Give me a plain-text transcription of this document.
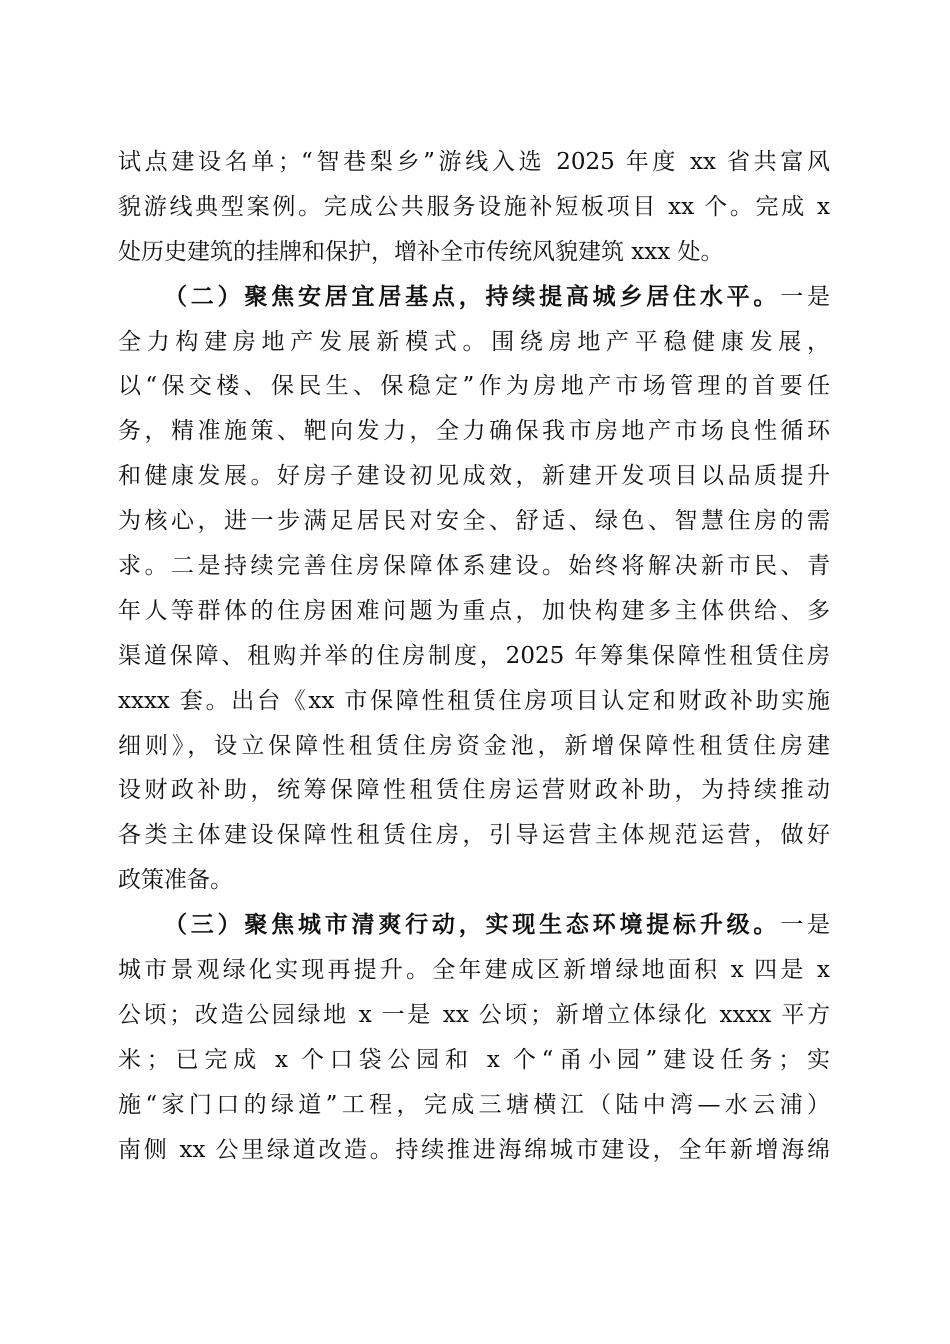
试点建设名单；“智巷梨乡”游线入选 2025 年度 xx 省共富风
貌游线典型案例。完成公共服务设施补短板项目 xx 个。完成 x
处历史建筑的挂牌和保护，增补全市传统风貌建筑 xxx 处。
（二）聚焦安居宜居基点，持续提高城乡居住水平。一是
全力构建房地产发展新模式。围绕房地产平稳健康发展，
以“保交楼、保民生、保稳定”作为房地产市场管理的首要任
务，精准施策、靶向发力，全力确保我市房地产市场良性循环
和健康发展。好房子建设初见成效，新建开发项目以品质提升
为核心，进一步满足居民对安全、舒适、绿色、智慧住房的需
求。二是持续完善住房保障体系建设。始终将解决新市民、青
年人等群体的住房困难问题为重点，加快构建多主体供给、多
渠道保障、租购并举的住房制度，2025 年筹集保障性租赁住房
xxxx 套。出台《xx 市保障性租赁住房项目认定和财政补助实施
细则》，设立保障性租赁住房资金池，新增保障性租赁住房建
设财政补助，统筹保障性租赁住房运营财政补助，为持续推动
各类主体建设保障性租赁住房，引导运营主体规范运营，做好
政策准备。
（三）聚焦城市清爽行动，实现生态环境提标升级。一是
城市景观绿化实现再提升。全年建成区新增绿地面积 x 四是 x
公顷；改造公园绿地 x 一是 xx 公顷；新增立体绿化 xxxx 平方
米；已完成 x 个口袋公园和 x 个“甬小园”建设任务；实
施“家门口的绿道”工程，完成三塘横江（陆中湾—水云浦）
南侧 xx 公里绿道改造。持续推进海绵城市建设，全年新增海绵
